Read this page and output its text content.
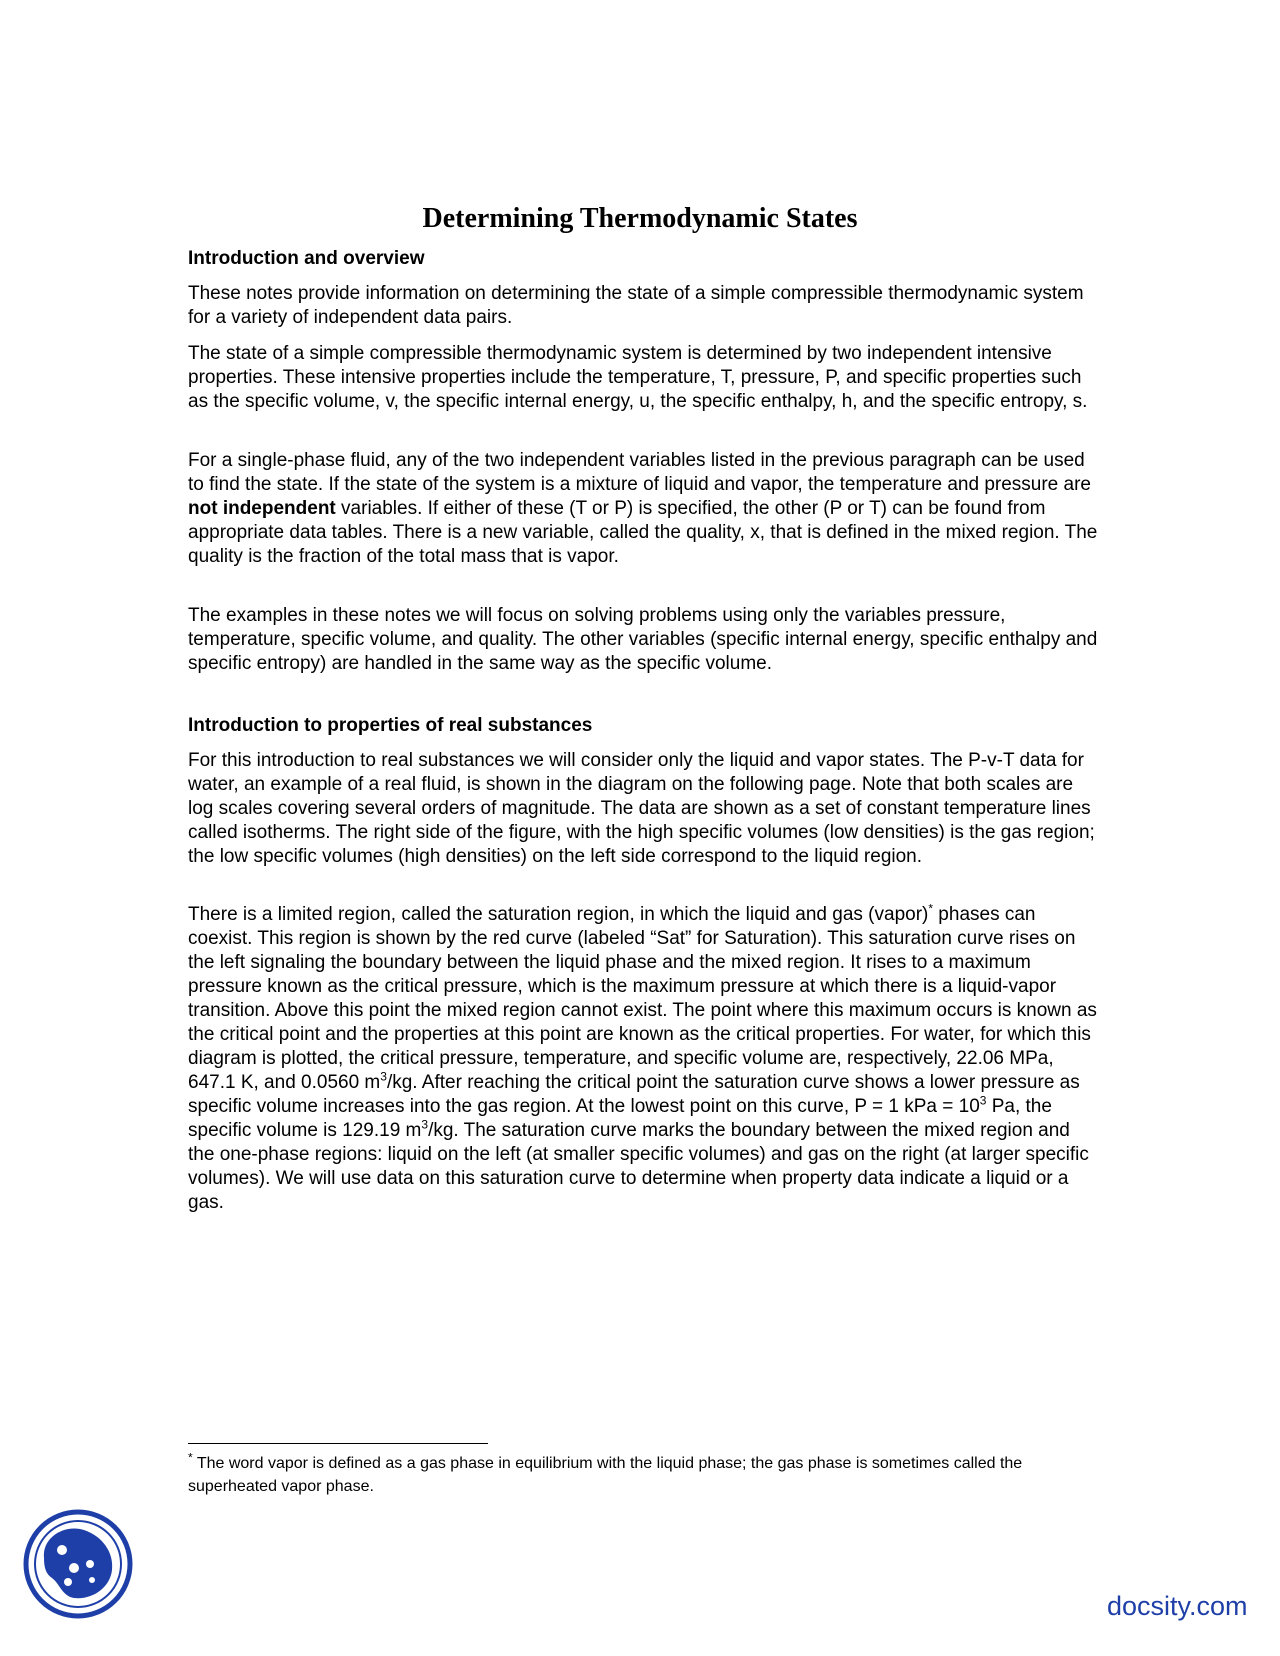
Determining Thermodynamic States

Introduction and overview

These notes provide information on determining the state of a simple compressible thermodynamic system for a variety of independent data pairs.

The state of a simple compressible thermodynamic system is determined by two independent intensive properties. These intensive properties include the temperature, T, pressure, P, and specific properties such as the specific volume, v, the specific internal energy, u, the specific enthalpy, h, and the specific entropy, s.

For a single-phase fluid, any of the two independent variables listed in the previous paragraph can be used to find the state. If the state of the system is a mixture of liquid and vapor, the temperature and pressure are not independent variables. If either of these (T or P) is specified, the other (P or T) can be found from appropriate data tables. There is a new variable, called the quality, x, that is defined in the mixed region. The quality is the fraction of the total mass that is vapor.

The examples in these notes we will focus on solving problems using only the variables pressure, temperature, specific volume, and quality. The other variables (specific internal energy, specific enthalpy and specific entropy) are handled in the same way as the specific volume.

Introduction to properties of real substances

For this introduction to real substances we will consider only the liquid and vapor states. The P-v-T data for water, an example of a real fluid, is shown in the diagram on the following page. Note that both scales are log scales covering several orders of magnitude. The data are shown as a set of constant temperature lines called isotherms. The right side of the figure, with the high specific volumes (low densities) is the gas region; the low specific volumes (high densities) on the left side correspond to the liquid region.

There is a limited region, called the saturation region, in which the liquid and gas (vapor)* phases can coexist. This region is shown by the red curve (labeled “Sat” for Saturation). This saturation curve rises on the left signaling the boundary between the liquid phase and the mixed region. It rises to a maximum pressure known as the critical pressure, which is the maximum pressure at which there is a liquid-vapor transition. Above this point the mixed region cannot exist. The point where this maximum occurs is known as the critical point and the properties at this point are known as the critical properties. For water, for which this diagram is plotted, the critical pressure, temperature, and specific volume are, respectively, 22.06 MPa, 647.1 K, and 0.0560 $m^3/kg$. After reaching the critical point the saturation curve shows a lower pressure as specific volume increases into the gas region. At the lowest point on this curve, P = 1 kPa = $10^3$ Pa, the specific volume is 129.19 $m^3/kg$. The saturation curve marks the boundary between the mixed region and the one-phase regions: liquid on the left (at smaller specific volumes) and gas on the right (at larger specific volumes). We will use data on this saturation curve to determine when property data indicate a liquid or a gas.

* The word vapor is defined as a gas phase in equilibrium with the liquid phase; the gas phase is sometimes called the superheated vapor phase.

docsity.com
